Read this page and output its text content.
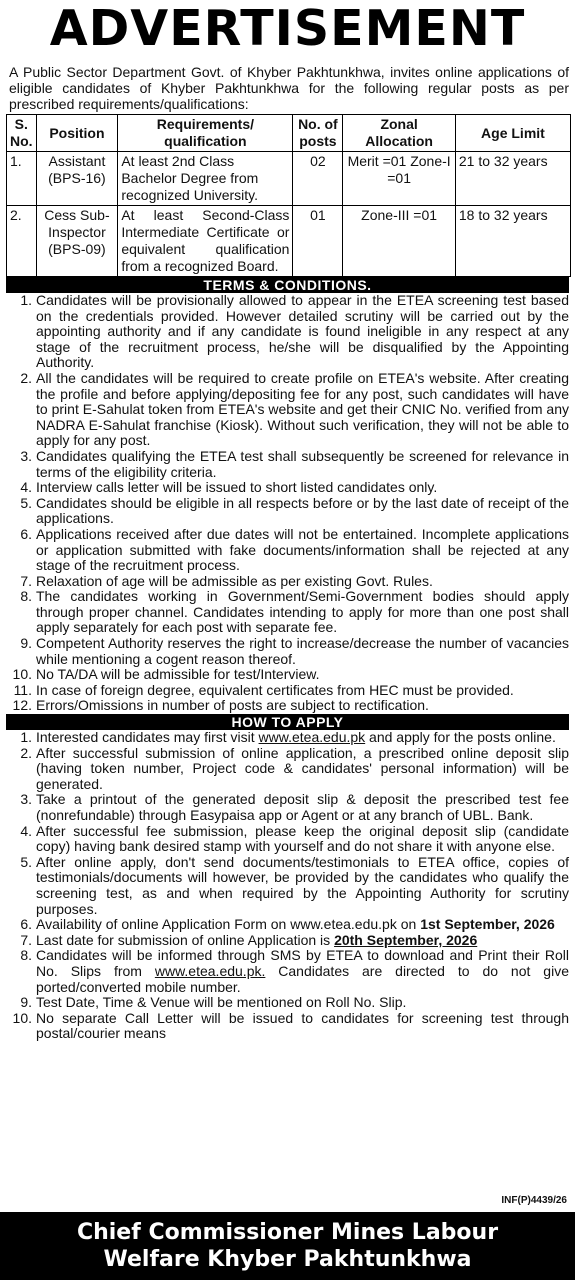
ADVERTISEMENT
A Public Sector Department Govt. of Khyber Pakhtunkhwa, invites online applications of eligible candidates of Khyber Pakhtunkhwa for the following regular posts as per prescribed requirements/qualifications:
S. No.	Position	Requirements/ qualification	No. of posts	Zonal Allocation	Age Limit
1.	Assistant (BPS-16)	At least 2nd Class Bachelor Degree from recognized University.	02	Merit =01 Zone-I =01	21 to 32 years
2.	Cess Sub-Inspector (BPS-09)	At least Second-Class Intermediate Certificate or equivalent qualification from a recognized Board.	01	Zone-III =01	18 to 32 years
TERMS & CONDITIONS.
1. Candidates will be provisionally allowed to appear in the ETEA screening test based on the credentials provided. However detailed scrutiny will be carried out by the appointing authority and if any candidate is found ineligible in any respect at any stage of the recruitment process, he/she will be disqualified by the Appointing Authority.
2. All the candidates will be required to create profile on ETEA's website. After creating the profile and before applying/depositing fee for any post, such candidates will have to print E-Sahulat token from ETEA's website and get their CNIC No. verified from any NADRA E-Sahulat franchise (Kiosk). Without such verification, they will not be able to apply for any post.
3. Candidates qualifying the ETEA test shall subsequently be screened for relevance in terms of the eligibility criteria.
4. Interview calls letter will be issued to short listed candidates only.
5. Candidates should be eligible in all respects before or by the last date of receipt of the applications.
6. Applications received after due dates will not be entertained. Incomplete applications or application submitted with fake documents/information shall be rejected at any stage of the recruitment process.
7. Relaxation of age will be admissible as per existing Govt. Rules.
8. The candidates working in Government/Semi-Government bodies should apply through proper channel. Candidates intending to apply for more than one post shall apply separately for each post with separate fee.
9. Competent Authority reserves the right to increase/decrease the number of vacancies while mentioning a cogent reason thereof.
10. No TA/DA will be admissible for test/Interview.
11. In case of foreign degree, equivalent certificates from HEC must be provided.
12. Errors/Omissions in number of posts are subject to rectification.
HOW TO APPLY
1. Interested candidates may first visit www.etea.edu.pk and apply for the posts online.
2. After successful submission of online application, a prescribed online deposit slip (having token number, Project code & candidates' personal information) will be generated.
3. Take a printout of the generated deposit slip & deposit the prescribed test fee (nonrefundable) through Easypaisa app or Agent or at any branch of UBL. Bank.
4. After successful fee submission, please keep the original deposit slip (candidate copy) having bank desired stamp with yourself and do not share it with anyone else.
5. After online apply, don't send documents/testimonials to ETEA office, copies of testimonials/documents will however, be provided by the candidates who qualify the screening test, as and when required by the Appointing Authority for scrutiny purposes.
6. Availability of online Application Form on www.etea.edu.pk on 1st September, 2026
7. Last date for submission of online Application is 20th September, 2026
8. Candidates will be informed through SMS by ETEA to download and Print their Roll No. Slips from www.etea.edu.pk. Candidates are directed to do not give ported/converted mobile number.
9. Test Date, Time & Venue will be mentioned on Roll No. Slip.
10. No separate Call Letter will be issued to candidates for screening test through postal/courier means
INF(P)4439/26
Chief Commissioner Mines Labour
Welfare Khyber Pakhtunkhwa
